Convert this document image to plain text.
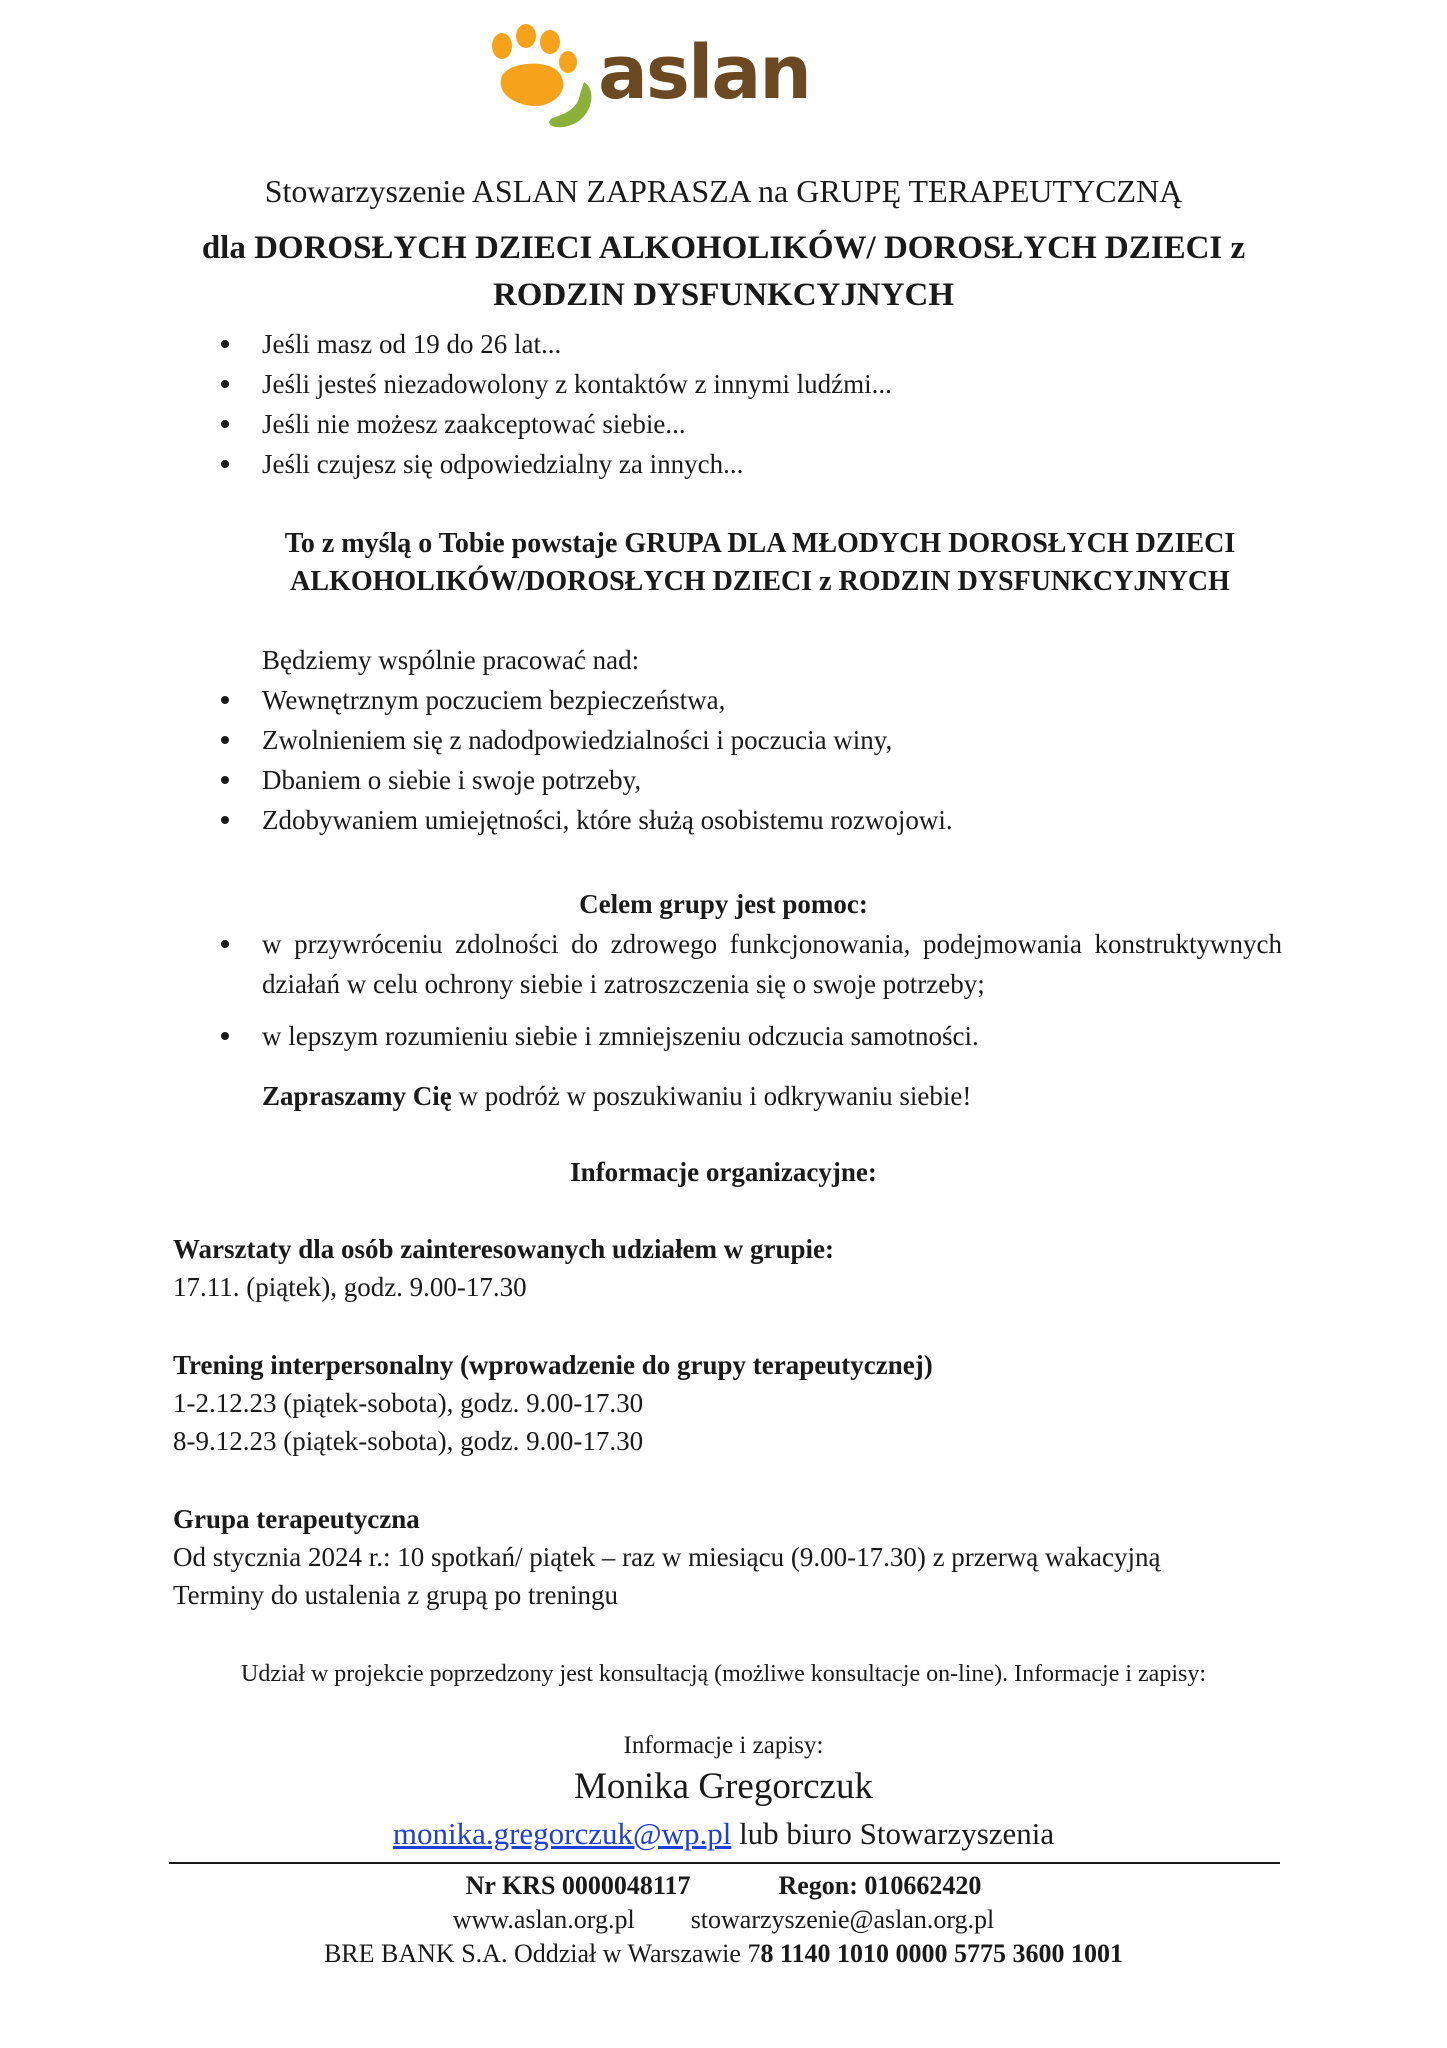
aslan
Stowarzyszenie ASLAN ZAPRASZA na GRUPĘ TERAPEUTYCZNĄ
dla DOROSŁYCH DZIECI ALKOHOLIKÓW/ DOROSŁYCH DZIECI z
RODZIN DYSFUNKCYJNYCH
Jeśli masz od 19 do 26 lat...
Jeśli jesteś niezadowolony z kontaktów z innymi ludźmi...
Jeśli nie możesz zaakceptować siebie...
Jeśli czujesz się odpowiedzialny za innych...
To z myślą o Tobie powstaje GRUPA DLA MŁODYCH DOROSŁYCH DZIECI
ALKOHOLIKÓW/DOROSŁYCH DZIECI z RODZIN DYSFUNKCYJNYCH
Będziemy wspólnie pracować nad:
Wewnętrznym poczuciem bezpieczeństwa,
Zwolnieniem się z nadodpowiedzialności i poczucia winy,
Dbaniem o siebie i swoje potrzeby,
Zdobywaniem umiejętności, które służą osobistemu rozwojowi.
Celem grupy jest pomoc:
w przywróceniu zdolności do zdrowego funkcjonowania, podejmowania konstruktywnych
działań w celu ochrony siebie i zatroszczenia się o swoje potrzeby;
w lepszym rozumieniu siebie i zmniejszeniu odczucia samotności.
Zapraszamy Cię w podróż w poszukiwaniu i odkrywaniu siebie!
Informacje organizacyjne:
Warsztaty dla osób zainteresowanych udziałem w grupie:
17.11. (piątek), godz. 9.00-17.30
Trening interpersonalny (wprowadzenie do grupy terapeutycznej)
1-2.12.23 (piątek-sobota), godz. 9.00-17.30
8-9.12.23 (piątek-sobota), godz. 9.00-17.30
Grupa terapeutyczna
Od stycznia 2024 r.: 10 spotkań/ piątek – raz w miesiącu (9.00-17.30) z przerwą wakacyjną
Terminy do ustalenia z grupą po treningu
Udział w projekcie poprzedzony jest konsultacją (możliwe konsultacje on-line). Informacje i zapisy:
Informacje i zapisy:
Monika Gregorczuk
monika.gregorczuk@wp.pl lub biuro Stowarzyszenia
Nr KRS 0000048117	Regon: 010662420
www.aslan.org.pl stowarzyszenie@aslan.org.pl
BRE BANK S.A. Oddział w Warszawie 78 1140 1010 0000 5775 3600 1001
